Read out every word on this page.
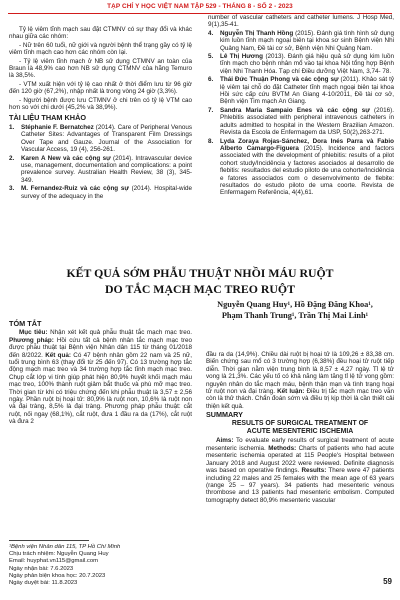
TẠP CHÍ Y HỌC VIỆT NAM TẬP 529 - THÁNG 8 - SỐ 2 - 2023

Tỷ lệ viêm tĩnh mạch sau đặt CTMNV có sự thay đổi và khác nhau giữa các nhóm:

- Nữ trên 60 tuổi, nữ giới và người bệnh thể trạng gầy có tỷ lệ viêm tĩnh mạch cao hơn các nhóm còn lại.

- Tỷ lệ viêm tĩnh mạch ở NB sử dụng CTMNV an toàn của Braun là 48,9% cao hơn NB sử dụng CTMNV của hãng Temuro là 38,5%.

- VTM xuất hiện với tỷ lệ cao nhất ở thời điểm lưu từ 96 giờ đến 120 giờ (67,2%), nhập nhất là trong vòng 24 giờ (3,3%).

- Người bệnh được lưu CTMNV ở chi trên có tỷ lệ VTM cao hơn so với chi dưới (45,2% và 38,9%).

TÀI LIỆU THAM KHẢO

1.	Stéphanie F. Bernatchez (2014). Care of Peripheral Venous Catheter Sites: Advantages of Transparent Film Dressings Over Tape and Gauze. Journal of the Association for Vascular Access, 19 (4), 256-261.
2.	Karen A New và các cộng sự (2014). Intravascular device use, management, documentation and complications: a point prevalence survey. Australian Health Review, 38 (3), 345-349.
3.	M. Fernandez-Ruiz và các cộng sự (2014). Hospital-wide survey of the adequacy in the

number of vascular catheters and catheter lumens. J Hosp Med, 9(1),35-41.

4.	Nguyễn Thị Thanh Hồng (2015). Đánh giá tình hình sử dụng kim luồn tĩnh mạch ngoại biên tại khoa sơ sinh Bệnh viện Nhi Quảng Nam, Đề tài cơ sở, Bệnh viện Nhi Quảng Nam.
5.	Lê Thị Hương (2013). Đánh giá hiệu quả sử dụng kim luồn tĩnh mạch cho bệnh nhân mổ vào tại khoa Nội tổng hợp Bệnh viện Nhi Thanh Hóa. Tạp chí Điều dưỡng Việt Nam, 3,74- 78.
6.	Thái Đức Thuận Phong và các cộng sự (2011). Khảo sát tỷ lệ viêm tại chỗ do đặt Catheter tĩnh mạch ngoại biên tại khoa Hồi sức cấp cứu BVTM An Giang 4-10/2011, Đề tài cơ sở, Bệnh viện Tim mạch An Giang.
7.	Sandra Maria Sampaio Enes và các cộng sự (2016). Phlebitis associated with peripheral intravenous catheters in adults admitted to hospital in the Western Brazilian Amazon. Revista da Escola de Enfermagem da USP, 50(2),263-271.
8.	Lyda Zoraya Rojas-Sánchez, Dora Inés Parra và Fabio Alberto Camargo-Figuera (2015). Incidence and factors associated with the development of phlebitis: results of a pilot cohort study/Incidência y factores asociados al desarrollo de flebitis: resultados del estudio piloto de una cohorte/Incidência e fatores associados com o desenvolvimento de flebite: resultados do estudo piloto de uma coorte. Revista de Enfermagem Referência, 4(4),61.
KẾT QUẢ SỚM PHẪU THUẬT NHỒI MÁU RUỘT
DO TẮC MẠCH MẠC TREO RUỘT
Nguyễn Quang Huy¹, Hồ Đặng Đăng Khoa¹,
Phạm Thanh Trung¹, Trần Thị Mai Linh¹

TÓM TẮT

Mục tiêu: Nhận xét kết quả phẫu thuật tắc mạch mạc treo. Phương pháp: Hồi cứu tất cả bệnh nhân tắc mạch mạc treo được phẫu thuật tại Bệnh viện Nhân dân 115 từ tháng 01/2018 đến 8/2022. Kết quả: Có 47 bệnh nhân gồm 22 nam và 25 nữ, tuổi trung bình 63 (thay đổi từ 25 đến 97). Có 13 trường hợp tắc động mạch mạc treo và 34 trường hợp tắc tĩnh mạch mạc treo. Chụp cắt lớp vi tính giúp phát hiện 80,9% huyết khối mạch máu mạc treo, 100% thành ruột giảm bắt thuốc và phù mỡ mạc treo. Thời gian từ khi có triệu chứng đến khi phẫu thuật là 3,57 ± 2,56 ngày. Phần ruột bị hoại tử: 80,9% là ruột non, 10,6% là ruột non và đại tràng, 8,5% là đại tràng. Phương pháp phẫu thuật: cắt ruột, nối ngay (68,1%), cắt ruột, đưa 1 đầu ra da (17%), cắt ruột và đưa 2

¹Bệnh viện Nhân dân 115, TP Hồ Chí Minh
Chịu trách nhiệm: Nguyễn Quang Huy
Email: huyphat.vn115@gmail.com
Ngày nhận bài: 7.6.2023
Ngày phản biện khoa học: 20.7.2023
Ngày duyệt bài: 11.8.2023

đầu ra da (14,9%). Chiều dài ruột bị hoại tử là 109,26 ± 83,38 cm. Biến chứng sau mổ có 3 trường hợp (6,38%) đều hoại tử ruột tiếp diễn. Thời gian nằm viện trung bình là 8,57 ± 4,27 ngày. Tỉ lệ tử vong là 21,3%. Các yếu tố có khả năng làm tăng tỉ lệ tử vong gồm: nguyên nhân do tắc mạch máu, bệnh thận mạn và tình trạng hoại tử ruột non và đại tràng. Kết luận: Điều trị tắc mạch mạc treo vẫn còn là thử thách. Chẩn đoán sớm và điều trị kịp thời là cần thiết cải thiện kết quả.

SUMMARY

RESULTS OF SURGICAL TREATMENT OF
ACUTE MESENTERIC ISCHEMIA

Aims: To evaluate early results of surgical treatment of acute mesenteric ischemia. Methods: Charts of patients who had acute mesenteric ischemia operated at 115 People's Hospital between January 2018 and August 2022 were reviewed. Definite diagnosis was based on operative findings. Results: There were 47 patients including 22 males and 25 females with the mean age of 63 years (range 25 – 97 years). 34 patients had mesenteric venous thrombose and 13 patients had mesenteric embolism. Computed tomography detect 80,9% mesenteric vascular

59
